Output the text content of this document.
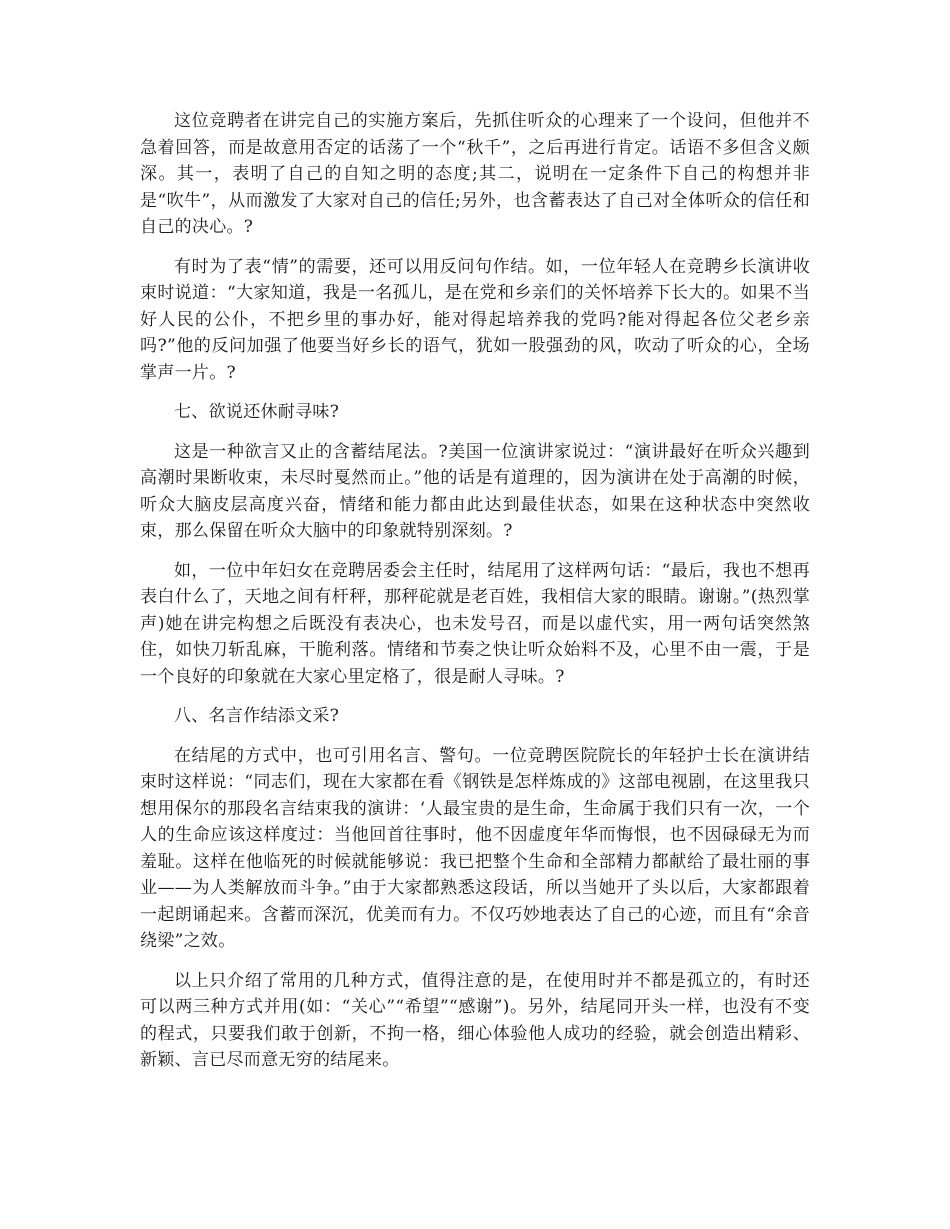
这位竞聘者在讲完自己的实施方案后，先抓住听众的心理来了一个设问，但他并不急着回答，而是故意用否定的话荡了一个“秋千”，之后再进行肯定。话语不多但含义颇深。其一，表明了自己的自知之明的态度;其二，说明在一定条件下自己的构想并非是“吹牛”，从而激发了大家对自己的信任;另外，也含蓄表达了自己对全体听众的信任和自己的决心。?

有时为了表“情”的需要，还可以用反问句作结。如，一位年轻人在竞聘乡长演讲收束时说道：“大家知道，我是一名孤儿，是在党和乡亲们的关怀培养下长大的。如果不当好人民的公仆，不把乡里的事办好，能对得起培养我的党吗?能对得起各位父老乡亲吗?”他的反问加强了他要当好乡长的语气，犹如一股强劲的风，吹动了听众的心，全场掌声一片。?

七、欲说还休耐寻味?

这是一种欲言又止的含蓄结尾法。?美国一位演讲家说过：“演讲最好在听众兴趣到高潮时果断收束，未尽时戛然而止。”他的话是有道理的，因为演讲在处于高潮的时候，听众大脑皮层高度兴奋，情绪和能力都由此达到最佳状态，如果在这种状态中突然收束，那么保留在听众大脑中的印象就特别深刻。?

如，一位中年妇女在竞聘居委会主任时，结尾用了这样两句话：“最后，我也不想再表白什么了，天地之间有杆秤，那秤砣就是老百姓，我相信大家的眼睛。谢谢。”(热烈掌声)她在讲完构想之后既没有表决心，也未发号召，而是以虚代实，用一两句话突然煞住，如快刀斩乱麻，干脆利落。情绪和节奏之快让听众始料不及，心里不由一震，于是一个良好的印象就在大家心里定格了，很是耐人寻味。?

八、名言作结添文采?

在结尾的方式中，也可引用名言、警句。一位竞聘医院院长的年轻护士长在演讲结束时这样说：“同志们，现在大家都在看《钢铁是怎样炼成的》这部电视剧，在这里我只想用保尔的那段名言结束我的演讲：‘人最宝贵的是生命，生命属于我们只有一次，一个人的生命应该这样度过：当他回首往事时，他不因虚度年华而悔恨，也不因碌碌无为而羞耻。这样在他临死的时候就能够说：我已把整个生命和全部精力都献给了最壮丽的事业——为人类解放而斗争。”由于大家都熟悉这段话，所以当她开了头以后，大家都跟着一起朗诵起来。含蓄而深沉，优美而有力。不仅巧妙地表达了自己的心迹，而且有“余音绕梁”之效。

以上只介绍了常用的几种方式，值得注意的是，在使用时并不都是孤立的，有时还可以两三种方式并用(如：“关心”“希望”“感谢”)。另外，结尾同开头一样，也没有不变的程式，只要我们敢于创新，不拘一格，细心体验他人成功的经验，就会创造出精彩、新颖、言已尽而意无穷的结尾来。
